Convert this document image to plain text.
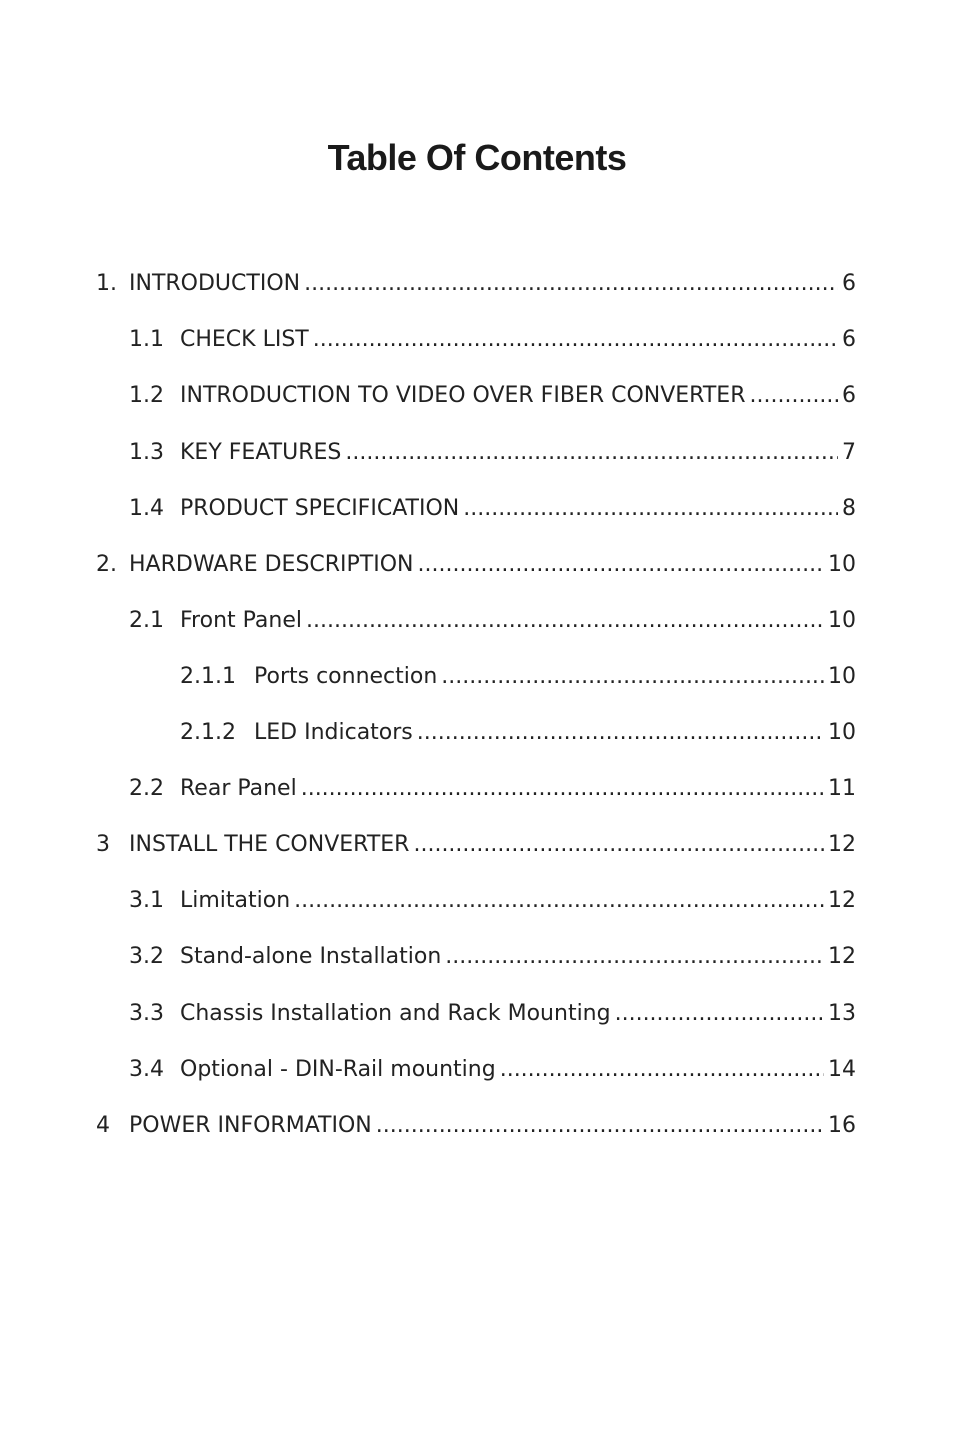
Table Of Contents
1. INTRODUCTION .....	6
1.1 CHECK LIST .....	6
1.2 INTRODUCTION TO VIDEO OVER FIBER CONVERTER .....	6
1.3 KEY FEATURES .....	7
1.4 PRODUCT SPECIFICATION .....	8
2. HARDWARE DESCRIPTION .....	10
2.1 Front Panel .....	10
2.1.1 Ports connection .....	10
2.1.2 LED Indicators .....	10
2.2 Rear Panel .....	11
3 INSTALL THE CONVERTER .....	12
3.1 Limitation .....	12
3.2 Stand-alone Installation .....	12
3.3 Chassis Installation and Rack Mounting .....	13
3.4 Optional - DIN-Rail mounting .....	14
4 POWER INFORMATION .....	16
